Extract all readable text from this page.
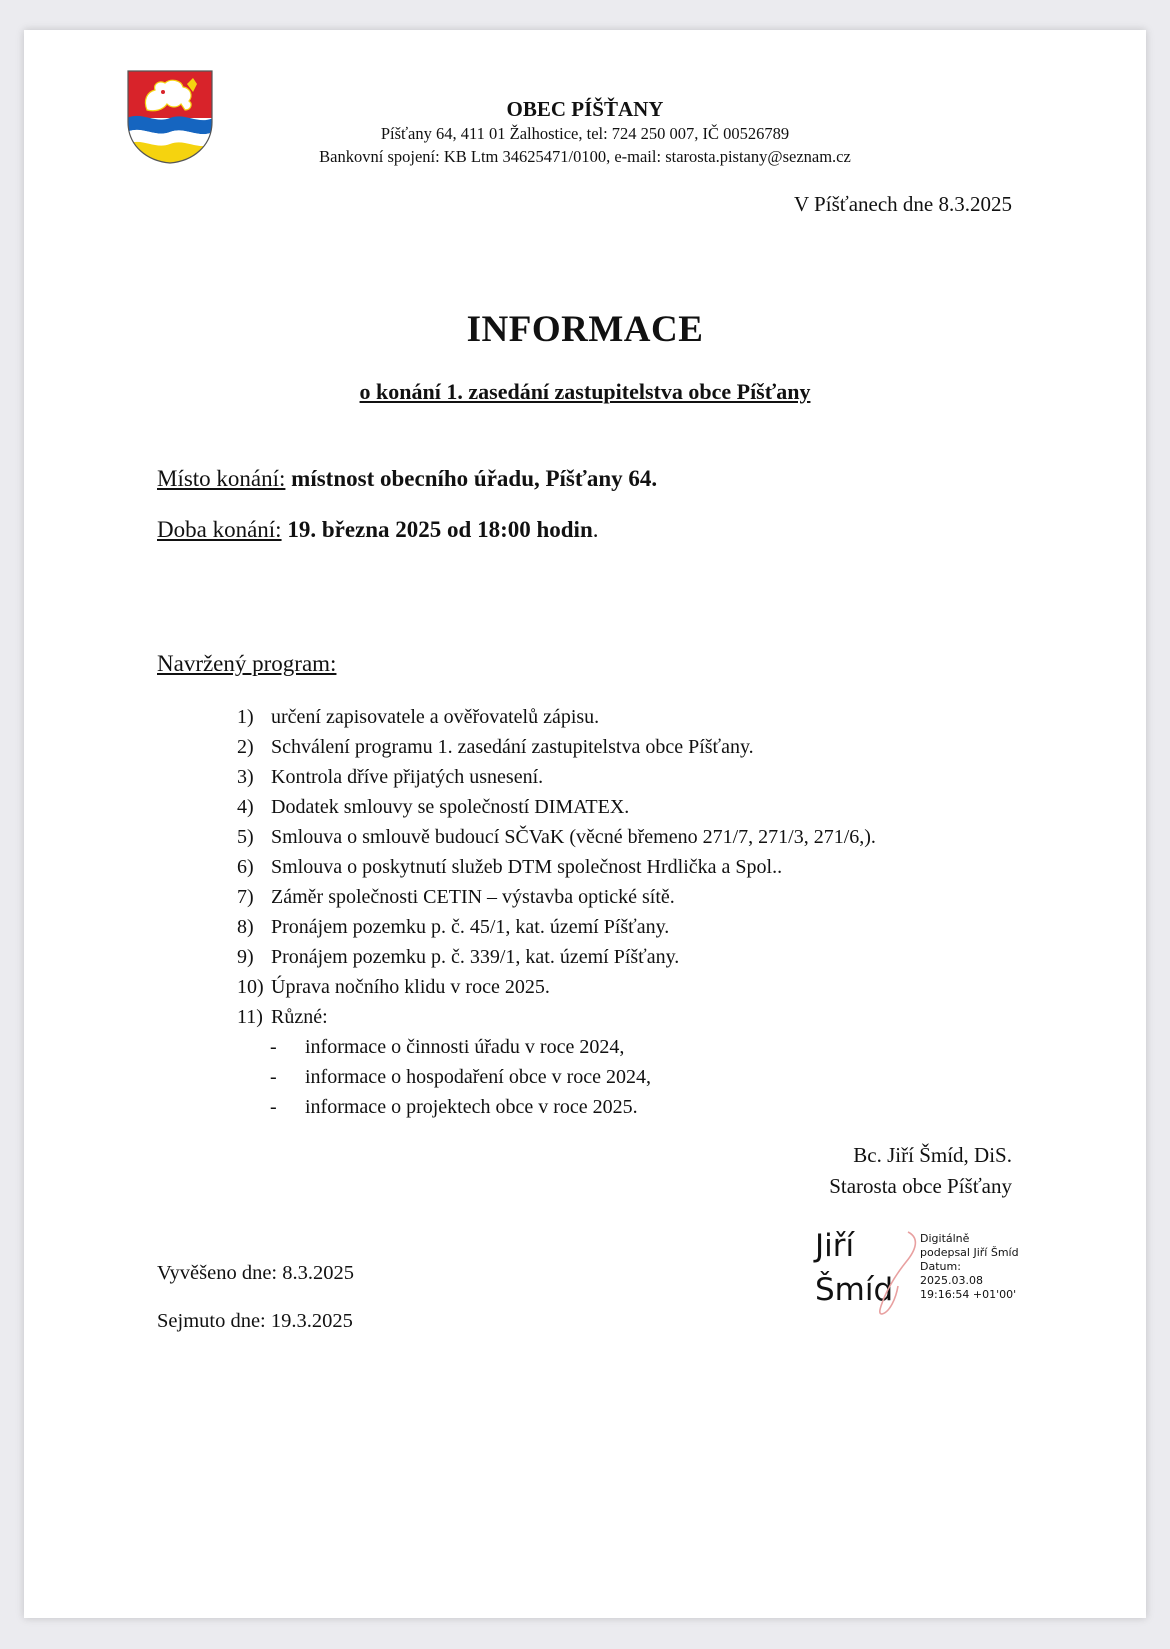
OBEC PÍŠŤANY
Píšťany 64, 411 01 Žalhostice, tel: 724 250 007, IČ 00526789
Bankovní spojení: KB Ltm 34625471/0100, e-mail: starosta.pistany@seznam.cz
V Píšťanech dne 8.3.2025
INFORMACE
o konání 1. zasedání zastupitelstva obce Píšťany
Místo konání: místnost obecního úřadu, Píšťany 64.
Doba konání: 19. března 2025 od 18:00 hodin.
Navržený program:
1) určení zapisovatele a ověřovatelů zápisu.
2) Schválení programu 1. zasedání zastupitelstva obce Píšťany.
3) Kontrola dříve přijatých usnesení.
4) Dodatek smlouvy se společností DIMATEX.
5) Smlouva o smlouvě budoucí SČVaK (věcné břemeno 271/7, 271/3, 271/6,).
6) Smlouva o poskytnutí služeb DTM společnost Hrdlička a Spol..
7) Záměr společnosti CETIN – výstavba optické sítě.
8) Pronájem pozemku p. č. 45/1, kat. území Píšťany.
9) Pronájem pozemku p. č. 339/1, kat. území Píšťany.
10) Úprava nočního klidu v roce 2025.
11) Různé:
- informace o činnosti úřadu v roce 2024,
- informace o hospodaření obce v roce 2024,
- informace o projektech obce v roce 2025.
Bc. Jiří Šmíd, DiS.
Starosta obce Píšťany
Jiří
Šmíd
Digitálně
podepsal Jiří Šmíd
Datum:
2025.03.08
19:16:54 +01'00'
Vyvěšeno dne: 8.3.2025
Sejmuto dne: 19.3.2025
